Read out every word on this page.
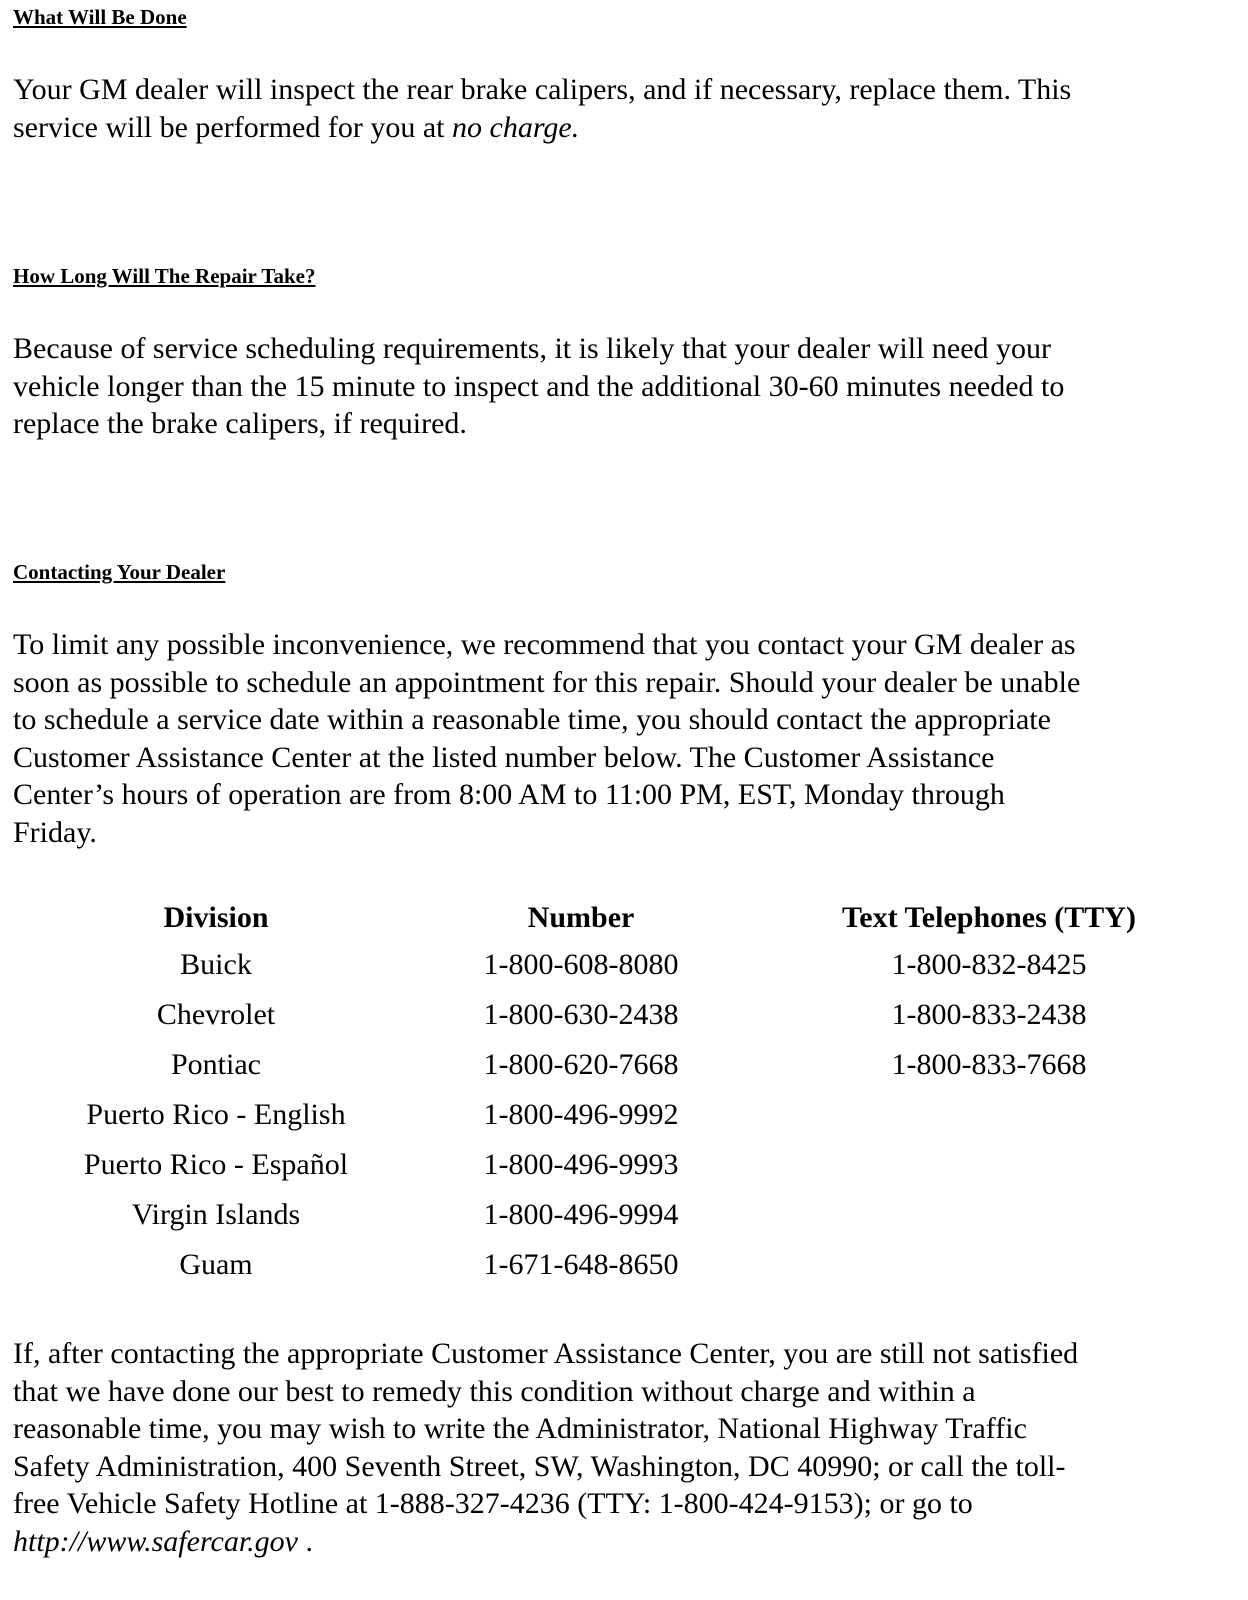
What Will Be Done

Your GM dealer will inspect the rear brake calipers, and if necessary, replace them. This
service will be performed for you at no charge.

How Long Will The Repair Take?

Because of service scheduling requirements, it is likely that your dealer will need your
vehicle longer than the 15 minute to inspect and the additional 30-60 minutes needed to
replace the brake calipers, if required.

Contacting Your Dealer

To limit any possible inconvenience, we recommend that you contact your GM dealer as
soon as possible to schedule an appointment for this repair. Should your dealer be unable
to schedule a service date within a reasonable time, you should contact the appropriate
Customer Assistance Center at the listed number below. The Customer Assistance
Center’s hours of operation are from 8:00 AM to 11:00 PM, EST, Monday through
Friday.

Division	Number	Text Telephones (TTY)
Buick	1-800-608-8080	1-800-832-8425
Chevrolet	1-800-630-2438	1-800-833-2438
Pontiac	1-800-620-7668	1-800-833-7668
Puerto Rico - English	1-800-496-9992	
Puerto Rico - Español	1-800-496-9993	
Virgin Islands	1-800-496-9994	
Guam	1-671-648-8650	

If, after contacting the appropriate Customer Assistance Center, you are still not satisfied
that we have done our best to remedy this condition without charge and within a
reasonable time, you may wish to write the Administrator, National Highway Traffic
Safety Administration, 400 Seventh Street, SW, Washington, DC 40990; or call the toll-
free Vehicle Safety Hotline at 1-888-327-4236 (TTY: 1-800-424-9153); or go to
http://www.safercar.gov .
